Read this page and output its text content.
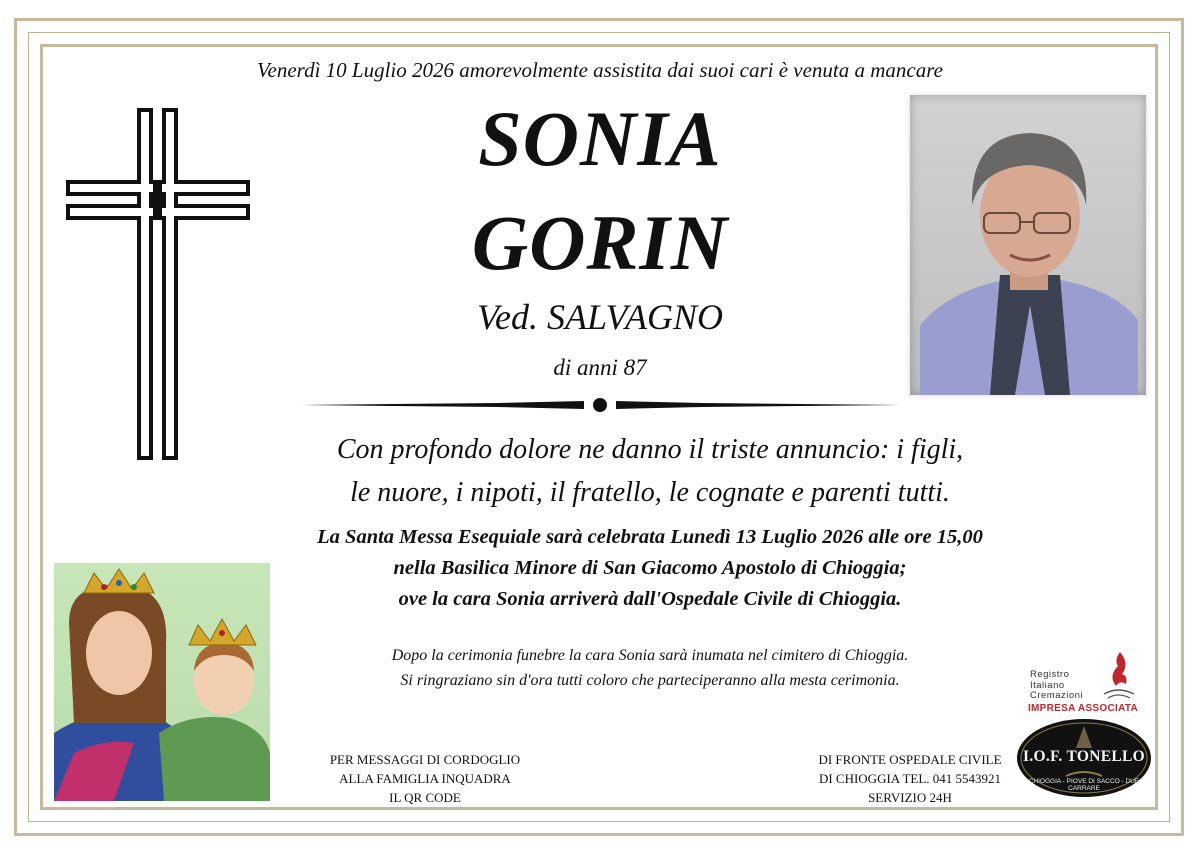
Venerdì 10 Luglio 2026 amorevolmente assistita dai suoi cari è venuta a mancare
SONIA
GORIN
Ved. SALVAGNO
di anni 87
Con profondo dolore ne danno il triste annuncio: i figli,
le nuore, i nipoti, il fratello, le cognate e parenti tutti.
La Santa Messa Esequiale sarà celebrata Lunedì 13 Luglio 2026 alle ore 15,00
nella Basilica Minore di San Giacomo Apostolo di Chioggia;
ove la cara Sonia arriverà dall'Ospedale Civile di Chioggia.
Dopo la cerimonia funebre la cara Sonia sarà inumata nel cimitero di Chioggia.
Si ringraziano sin d'ora tutti coloro che parteciperanno alla mesta cerimonia.
PER MESSAGGI DI CORDOGLIO
ALLA FAMIGLIA INQUADRA
IL QR CODE
DI FRONTE OSPEDALE CIVILE
DI CHIOGGIA TEL. 041 5543921
SERVIZIO 24H
Registro
Italiano
Cremazioni
IMPRESA ASSOCIATA
I.O.F. TONELLO
CHIOGGIA - PIOVE DI SACCO - DUE CARRARE
